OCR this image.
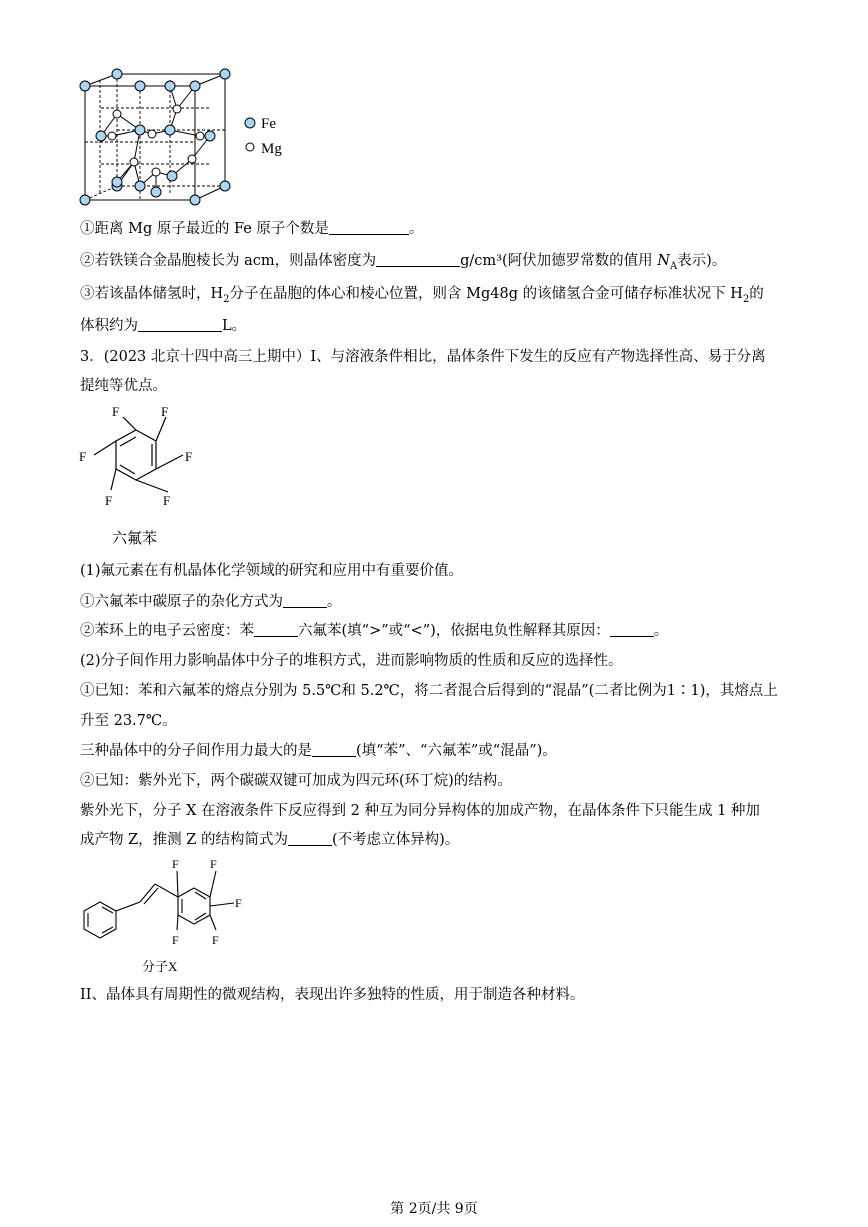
Fe
Mg
①距离 Mg 原子最近的 Fe 原子个数是	。
②若铁镁合金晶胞棱长为 acm，则晶体密度为	g/cm³(阿伏加德罗常数的值用 $N_A$表示)。
③若该晶体储氢时，$H_2$分子在晶胞的体心和棱心位置，则含 Mg48g 的该储氢合金可储存标准状况下 $H_2$的
体积约为	L。
3．(2023 北京十四中高三上期中）I、与溶液条件相比，晶体条件下发生的反应有产物选择性高、易于分离
提纯等优点。
F	F
F	F
F	F
六氟苯
(1)氟元素在有机晶体化学领域的研究和应用中有重要价值。
①六氟苯中碳原子的杂化方式为	。
②苯环上的电子云密度：苯	六氟苯(填“>”或“<”)，依据电负性解释其原因：	。
(2)分子间作用力影响晶体中分子的堆积方式，进而影响物质的性质和反应的选择性。
①已知：苯和六氟苯的熔点分别为 5.5℃和 5.2℃，将二者混合后得到的“混晶”(二者比例为1∶1)，其熔点上
升至 23.7℃。
三种晶体中的分子间作用力最大的是	(填“苯”、“六氟苯”或“混晶”)。
②已知：紫外光下，两个碳碳双键可加成为四元环(环丁烷)的结构。
紫外光下，分子 X 在溶液条件下反应得到 2 种互为同分异构体的加成产物，在晶体条件下只能生成 1 种加
成产物 Z，推测 Z 的结构简式为	(不考虑立体异构)。
F	F
F
F	F
分子X
II、晶体具有周期性的微观结构，表现出许多独特的性质，用于制造各种材料。
第 2页/共 9页
